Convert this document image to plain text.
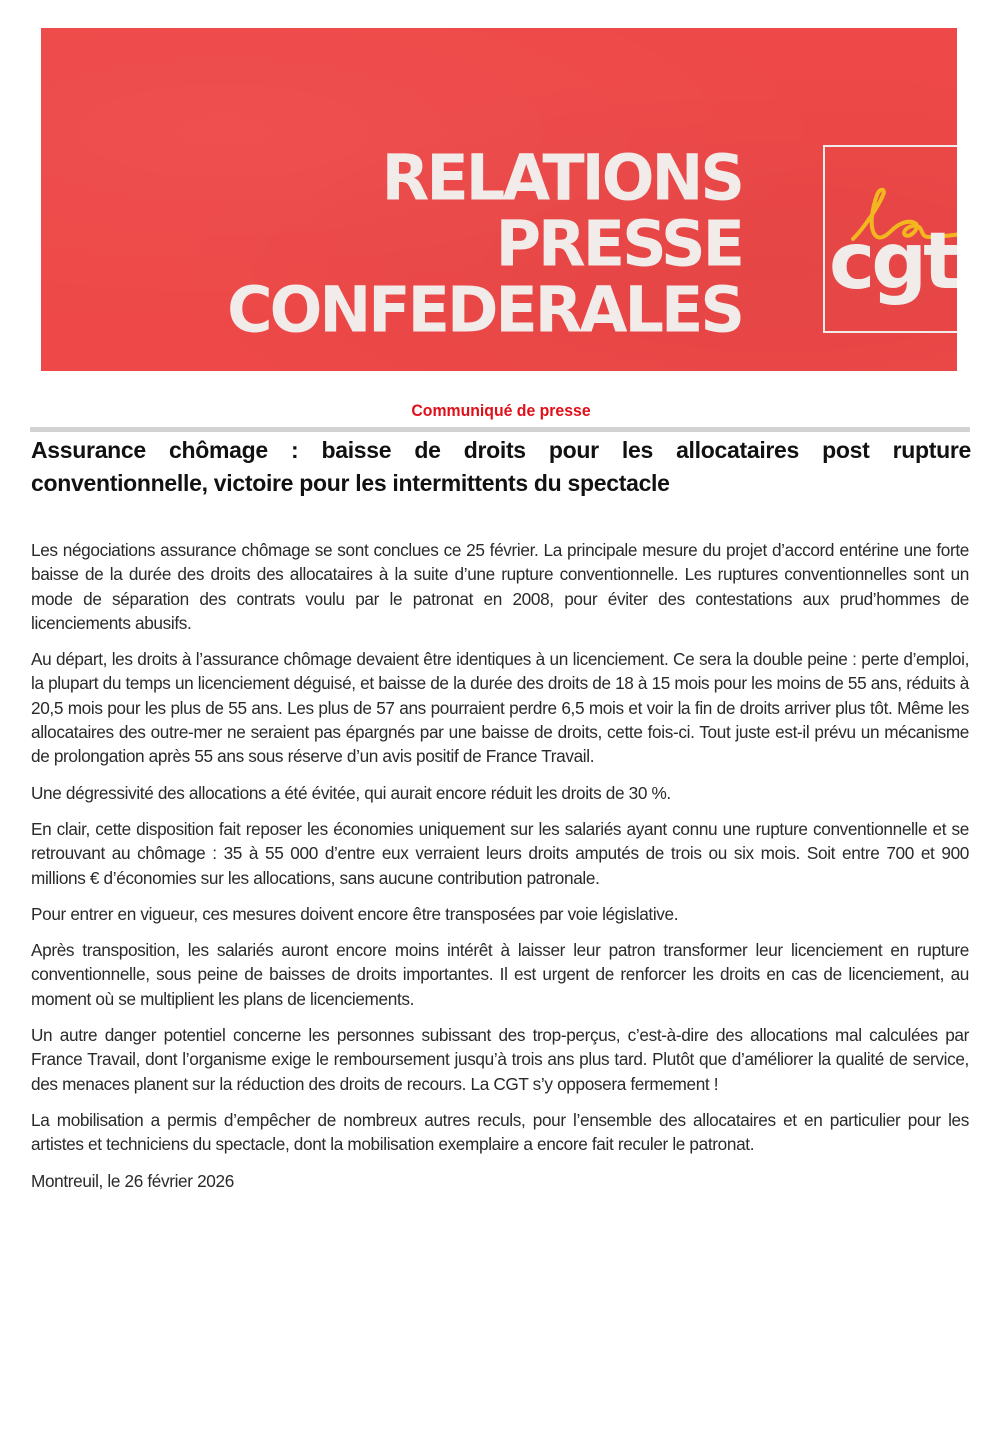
RELATIONS
PRESSE
CONFEDERALES
cgt
Communiqué de presse
Assurance chômage : baisse de droits pour les allocataires post rupture conventionnelle, victoire pour les intermittents du spectacle

Les négociations assurance chômage se sont conclues ce 25 février. La principale mesure du projet d’accord entérine une forte baisse de la durée des droits des allocataires à la suite d’une rupture conventionnelle. Les ruptures conventionnelles sont un mode de séparation des contrats voulu par le patronat en 2008, pour éviter des contestations aux prud’hommes de licenciements abusifs.

Au départ, les droits à l’assurance chômage devaient être identiques à un licenciement. Ce sera la double peine : perte d’emploi, la plupart du temps un licenciement déguisé, et baisse de la durée des droits de 18 à 15 mois pour les moins de 55 ans, réduits à 20,5 mois pour les plus de 55 ans. Les plus de 57 ans pourraient perdre 6,5 mois et voir la fin de droits arriver plus tôt. Même les allocataires des outre-mer ne seraient pas épargnés par une baisse de droits, cette fois-ci. Tout juste est-il prévu un mécanisme de prolongation après 55 ans sous réserve d’un avis positif de France Travail.

Une dégressivité des allocations a été évitée, qui aurait encore réduit les droits de 30 %.

En clair, cette disposition fait reposer les économies uniquement sur les salariés ayant connu une rupture conventionnelle et se retrouvant au chômage : 35 à 55 000 d’entre eux verraient leurs droits amputés de trois ou six mois. Soit entre 700 et 900 millions € d’économies sur les allocations, sans aucune contribution patronale.

Pour entrer en vigueur, ces mesures doivent encore être transposées par voie législative.

Après transposition, les salariés auront encore moins intérêt à laisser leur patron transformer leur licenciement en rupture conventionnelle, sous peine de baisses de droits importantes. Il est urgent de renforcer les droits en cas de licenciement, au moment où se multiplient les plans de licenciements.

Un autre danger potentiel concerne les personnes subissant des trop-perçus, c’est-à-dire des allocations mal calculées par France Travail, dont l’organisme exige le remboursement jusqu’à trois ans plus tard. Plutôt que d’améliorer la qualité de service, des menaces planent sur la réduction des droits de recours. La CGT s’y opposera fermement !

La mobilisation a permis d’empêcher de nombreux autres reculs, pour l’ensemble des allocataires et en particulier pour les artistes et techniciens du spectacle, dont la mobilisation exemplaire a encore fait reculer le patronat.

Montreuil, le 26 février 2026
